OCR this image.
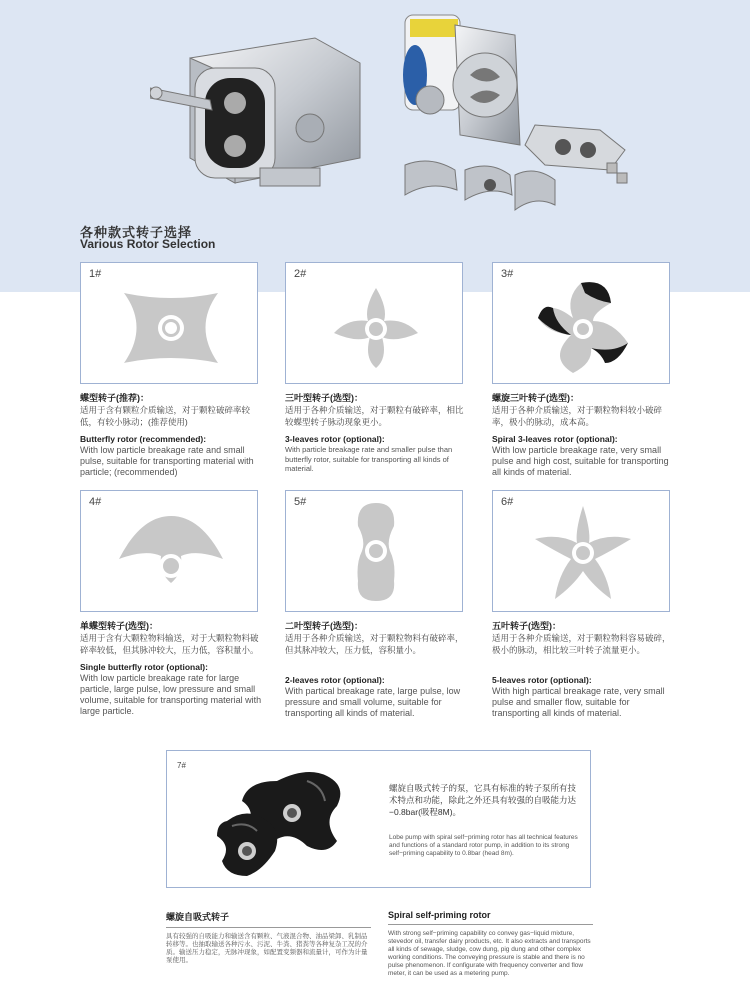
各种款式转子选择
Various Rotor Selection
1#	2#	3#
蝶型转子(推荐)：
适用于含有颗粒介质输送，对于颗粒破碎率较低，有较小脉动；(推荐使用)
Butterfly rotor (recommended):
With low particle breakage rate and small pulse, suitable for transporting material with particle; (recommended)
三叶型转子(选型)：
适用于各种介质输送，对于颗粒有破碎率，相比较蝶型转子脉动现象更小。
3-leaves rotor (optional):
With particle breakage rate and smaller pulse than butterfly rotor, suitable for transporting all kinds of material.
螺旋三叶转子(选型)：
适用于各种介质输送，对于颗粒物料较小破碎率，极小的脉动，成本高。
Spiral 3-leaves rotor (optional):
With low particle breakage rate, very small pulse and high cost, suitable for transporting all kinds of material.
4#	5#	6#
单蝶型转子(选型)：
适用于含有大颗粒物料输送，对于大颗粒物料破碎率较低，但其脉冲较大，压力低，容积量小。
Single butterfly rotor (optional):
With low particle breakage rate for large particle, large pulse, low pressure and small volume, suitable for transporting material with large particle.
二叶型转子(选型)：
适用于各种介质输送，对于颗粒物料有破碎率，但其脉冲较大，压力低，容积量小。
2-leaves rotor (optional):
With partical breakage rate, large pulse, low pressure and small volume, suitable for transporting all kinds of material.
五叶转子(选型)：
适用于各种介质输送，对于颗粒物料容易破碎，极小的脉动，相比较三叶转子流量更小。
5-leaves rotor (optional):
With high partical breakage rate, very small pulse and smaller flow, suitable for transporting all kinds of material.
7#
螺旋自吸式转子的泵，它具有标准的转子泵所有技术特点和功能，除此之外还具有较强的自吸能力达−0.8bar(吸程8M)。
Lobe pump with spiral self−priming rotor has all technical features and functions of a standard rotor pump, in addition to its strong self−priming capability to 0.8bar (head 8m).
螺旋自吸式转子
具有较强的自吸能力和输送含有颗粒、气液混合物、油品梁卸、乳制品转移等。也抽取输送各种污水、污泥、牛粪、猪粪等各种复杂工况的介质。输送压力稳定，无脉冲现象，如配置变频器和流量计，可作为计量泵使用。
Spiral self-priming rotor
With strong self−priming capability co convey gas−liquid mixture, stevedor oil, transfer dairy products, etc. It also extracts and transports all kinds of sewage, sludge, cow dung, pig dung and other complex working conditions. The conveying pressure is stable and there is no pulse phenomenon. If configurate with frequency converter and flow meter, it can be used as a metering pump.
